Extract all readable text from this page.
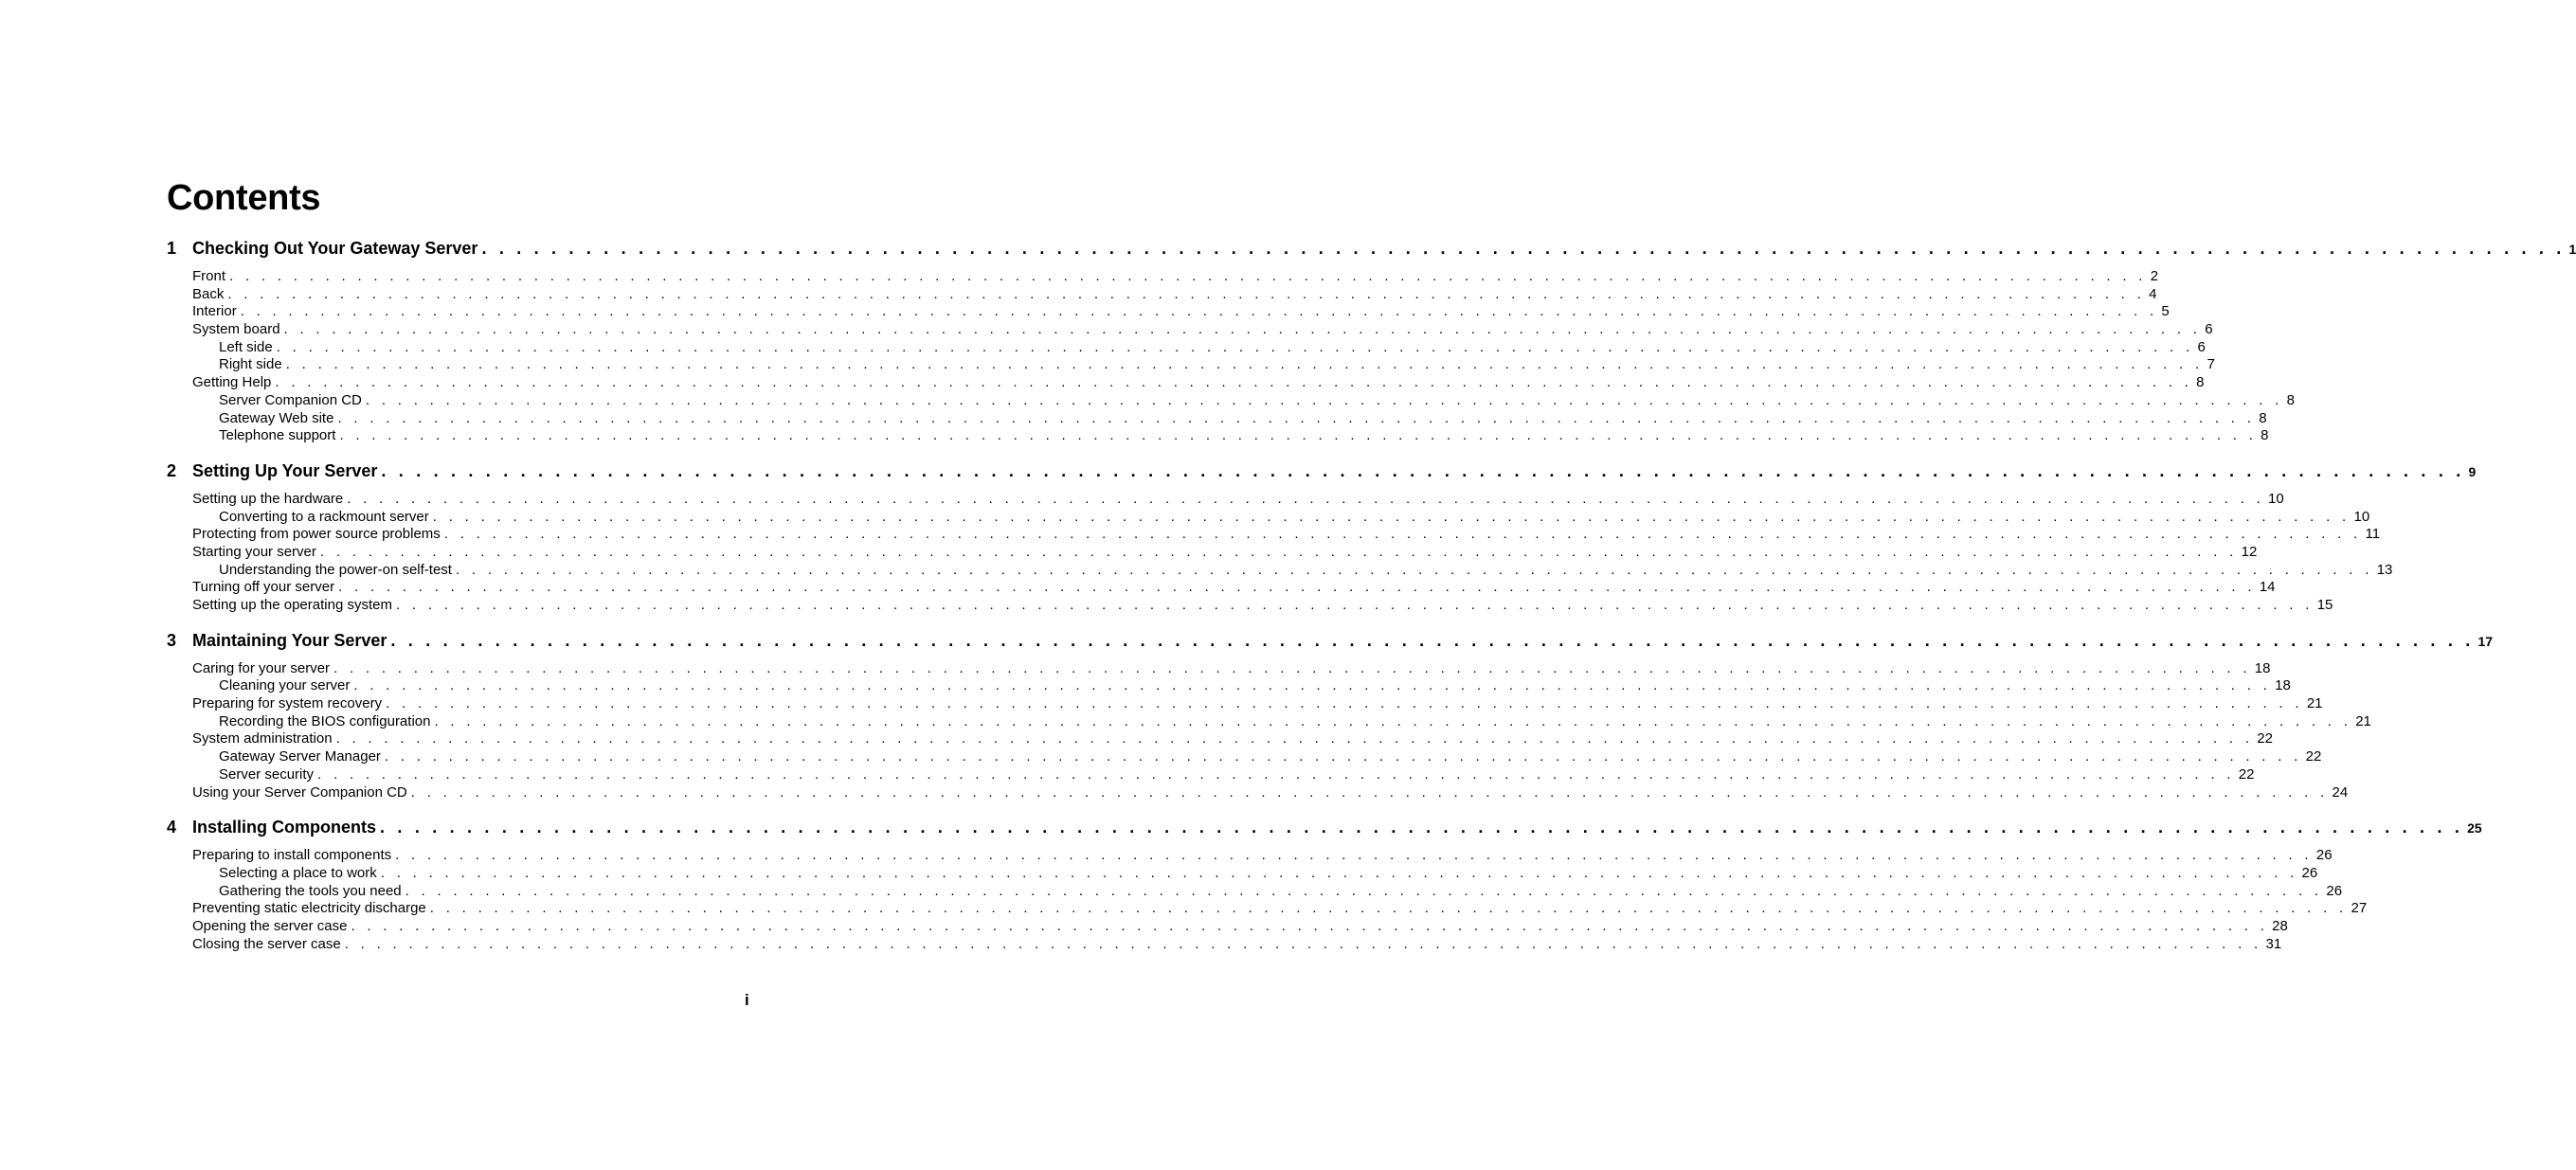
Contents
1 Checking Out Your Gateway Server . . . . . . . . . . . . . . . . . . . . . . . . . . . . . . . . . . . . . . . . . . . . . . . . . . . . . . . . . . . . . . . . . . . . . . . . . . . . . . . . . . . . . . . . . . . . . . . . . . . . . . . . . . . . . . . . . . . . . . . . 1
Front . . . . . . . . . . . . . . . . . . . . . . . . . . . . . . . . . . . . . . . . . . . . . . . . . . . . . . . . . . . . . . . . . . . . . . . . . . . . . . . . . . . . . . . . . . . . . . . . . . . . . . . . . . . . . . . . . . . . . . . . 2
Back . . . . . . . . . . . . . . . . . . . . . . . . . . . . . . . . . . . . . . . . . . . . . . . . . . . . . . . . . . . . . . . . . . . . . . . . . . . . . . . . . . . . . . . . . . . . . . . . . . . . . . . . . . . . . . . . . . . . . . . . 4
Interior . . . . . . . . . . . . . . . . . . . . . . . . . . . . . . . . . . . . . . . . . . . . . . . . . . . . . . . . . . . . . . . . . . . . . . . . . . . . . . . . . . . . . . . . . . . . . . . . . . . . . . . . . . . . . . . . . . . . . . . . 5
System board . . . . . . . . . . . . . . . . . . . . . . . . . . . . . . . . . . . . . . . . . . . . . . . . . . . . . . . . . . . . . . . . . . . . . . . . . . . . . . . . . . . . . . . . . . . . . . . . . . . . . . . . . . . . . . . . . . . . . . . . 6
Left side . . . . . . . . . . . . . . . . . . . . . . . . . . . . . . . . . . . . . . . . . . . . . . . . . . . . . . . . . . . . . . . . . . . . . . . . . . . . . . . . . . . . . . . . . . . . . . . . . . . . . . . . . . . . . . . . . . . . . . . . 6
Right side . . . . . . . . . . . . . . . . . . . . . . . . . . . . . . . . . . . . . . . . . . . . . . . . . . . . . . . . . . . . . . . . . . . . . . . . . . . . . . . . . . . . . . . . . . . . . . . . . . . . . . . . . . . . . . . . . . . . . . . . 7
Getting Help . . . . . . . . . . . . . . . . . . . . . . . . . . . . . . . . . . . . . . . . . . . . . . . . . . . . . . . . . . . . . . . . . . . . . . . . . . . . . . . . . . . . . . . . . . . . . . . . . . . . . . . . . . . . . . . . . . . . . . . . 8
Server Companion CD . . . . . . . . . . . . . . . . . . . . . . . . . . . . . . . . . . . . . . . . . . . . . . . . . . . . . . . . . . . . . . . . . . . . . . . . . . . . . . . . . . . . . . . . . . . . . . . . . . . . . . . . . . . . . . . . . . . . . . . . 8
Gateway Web site . . . . . . . . . . . . . . . . . . . . . . . . . . . . . . . . . . . . . . . . . . . . . . . . . . . . . . . . . . . . . . . . . . . . . . . . . . . . . . . . . . . . . . . . . . . . . . . . . . . . . . . . . . . . . . . . . . . . . . . . 8
Telephone support . . . . . . . . . . . . . . . . . . . . . . . . . . . . . . . . . . . . . . . . . . . . . . . . . . . . . . . . . . . . . . . . . . . . . . . . . . . . . . . . . . . . . . . . . . . . . . . . . . . . . . . . . . . . . . . . . . . . . . . . 8
2 Setting Up Your Server . . . . . . . . . . . . . . . . . . . . . . . . . . . . . . . . . . . . . . . . . . . . . . . . . . . . . . . . . . . . . . . . . . . . . . . . . . . . . . . . . . . . . . . . . . . . . . . . . . . . . . . . . . . . . . . . . . . . . . . . 9
Setting up the hardware . . . . . . . . . . . . . . . . . . . . . . . . . . . . . . . . . . . . . . . . . . . . . . . . . . . . . . . . . . . . . . . . . . . . . . . . . . . . . . . . . . . . . . . . . . . . . . . . . . . . . . . . . . . . . . . . . . . . . . . . 10
Converting to a rackmount server . . . . . . . . . . . . . . . . . . . . . . . . . . . . . . . . . . . . . . . . . . . . . . . . . . . . . . . . . . . . . . . . . . . . . . . . . . . . . . . . . . . . . . . . . . . . . . . . . . . . . . . . . . . . . . . . . . . . . . . . 10
Protecting from power source problems . . . . . . . . . . . . . . . . . . . . . . . . . . . . . . . . . . . . . . . . . . . . . . . . . . . . . . . . . . . . . . . . . . . . . . . . . . . . . . . . . . . . . . . . . . . . . . . . . . . . . . . . . . . . . . . . . . . . . . . . 11
Starting your server . . . . . . . . . . . . . . . . . . . . . . . . . . . . . . . . . . . . . . . . . . . . . . . . . . . . . . . . . . . . . . . . . . . . . . . . . . . . . . . . . . . . . . . . . . . . . . . . . . . . . . . . . . . . . . . . . . . . . . . . 12
Understanding the power-on self-test . . . . . . . . . . . . . . . . . . . . . . . . . . . . . . . . . . . . . . . . . . . . . . . . . . . . . . . . . . . . . . . . . . . . . . . . . . . . . . . . . . . . . . . . . . . . . . . . . . . . . . . . . . . . . . . . . . . . . . . . 13
Turning off your server . . . . . . . . . . . . . . . . . . . . . . . . . . . . . . . . . . . . . . . . . . . . . . . . . . . . . . . . . . . . . . . . . . . . . . . . . . . . . . . . . . . . . . . . . . . . . . . . . . . . . . . . . . . . . . . . . . . . . . . . 14
Setting up the operating system . . . . . . . . . . . . . . . . . . . . . . . . . . . . . . . . . . . . . . . . . . . . . . . . . . . . . . . . . . . . . . . . . . . . . . . . . . . . . . . . . . . . . . . . . . . . . . . . . . . . . . . . . . . . . . . . . . . . . . . . 15
3 Maintaining Your Server . . . . . . . . . . . . . . . . . . . . . . . . . . . . . . . . . . . . . . . . . . . . . . . . . . . . . . . . . . . . . . . . . . . . . . . . . . . . . . . . . . . . . . . . . . . . . . . . . . . . . . . . . . . . . . . . . . . . . . . . 17
Caring for your server . . . . . . . . . . . . . . . . . . . . . . . . . . . . . . . . . . . . . . . . . . . . . . . . . . . . . . . . . . . . . . . . . . . . . . . . . . . . . . . . . . . . . . . . . . . . . . . . . . . . . . . . . . . . . . . . . . . . . . . . 18
Cleaning your server . . . . . . . . . . . . . . . . . . . . . . . . . . . . . . . . . . . . . . . . . . . . . . . . . . . . . . . . . . . . . . . . . . . . . . . . . . . . . . . . . . . . . . . . . . . . . . . . . . . . . . . . . . . . . . . . . . . . . . . . 18
Preparing for system recovery . . . . . . . . . . . . . . . . . . . . . . . . . . . . . . . . . . . . . . . . . . . . . . . . . . . . . . . . . . . . . . . . . . . . . . . . . . . . . . . . . . . . . . . . . . . . . . . . . . . . . . . . . . . . . . . . . . . . . . . . 21
Recording the BIOS configuration . . . . . . . . . . . . . . . . . . . . . . . . . . . . . . . . . . . . . . . . . . . . . . . . . . . . . . . . . . . . . . . . . . . . . . . . . . . . . . . . . . . . . . . . . . . . . . . . . . . . . . . . . . . . . . . . . . . . . . . . 21
System administration . . . . . . . . . . . . . . . . . . . . . . . . . . . . . . . . . . . . . . . . . . . . . . . . . . . . . . . . . . . . . . . . . . . . . . . . . . . . . . . . . . . . . . . . . . . . . . . . . . . . . . . . . . . . . . . . . . . . . . . . 22
Gateway Server Manager . . . . . . . . . . . . . . . . . . . . . . . . . . . . . . . . . . . . . . . . . . . . . . . . . . . . . . . . . . . . . . . . . . . . . . . . . . . . . . . . . . . . . . . . . . . . . . . . . . . . . . . . . . . . . . . . . . . . . . . . 22
Server security . . . . . . . . . . . . . . . . . . . . . . . . . . . . . . . . . . . . . . . . . . . . . . . . . . . . . . . . . . . . . . . . . . . . . . . . . . . . . . . . . . . . . . . . . . . . . . . . . . . . . . . . . . . . . . . . . . . . . . . . 22
Using your Server Companion CD . . . . . . . . . . . . . . . . . . . . . . . . . . . . . . . . . . . . . . . . . . . . . . . . . . . . . . . . . . . . . . . . . . . . . . . . . . . . . . . . . . . . . . . . . . . . . . . . . . . . . . . . . . . . . . . . . . . . . . . . 24
4 Installing Components . . . . . . . . . . . . . . . . . . . . . . . . . . . . . . . . . . . . . . . . . . . . . . . . . . . . . . . . . . . . . . . . . . . . . . . . . . . . . . . . . . . . . . . . . . . . . . . . . . . . . . . . . . . . . . . . . . . . . . . . 25
Preparing to install components . . . . . . . . . . . . . . . . . . . . . . . . . . . . . . . . . . . . . . . . . . . . . . . . . . . . . . . . . . . . . . . . . . . . . . . . . . . . . . . . . . . . . . . . . . . . . . . . . . . . . . . . . . . . . . . . . . . . . . . . 26
Selecting a place to work . . . . . . . . . . . . . . . . . . . . . . . . . . . . . . . . . . . . . . . . . . . . . . . . . . . . . . . . . . . . . . . . . . . . . . . . . . . . . . . . . . . . . . . . . . . . . . . . . . . . . . . . . . . . . . . . . . . . . . . . 26
Gathering the tools you need . . . . . . . . . . . . . . . . . . . . . . . . . . . . . . . . . . . . . . . . . . . . . . . . . . . . . . . . . . . . . . . . . . . . . . . . . . . . . . . . . . . . . . . . . . . . . . . . . . . . . . . . . . . . . . . . . . . . . . . . 26
Preventing static electricity discharge . . . . . . . . . . . . . . . . . . . . . . . . . . . . . . . . . . . . . . . . . . . . . . . . . . . . . . . . . . . . . . . . . . . . . . . . . . . . . . . . . . . . . . . . . . . . . . . . . . . . . . . . . . . . . . . . . . . . . . . . 27
Opening the server case . . . . . . . . . . . . . . . . . . . . . . . . . . . . . . . . . . . . . . . . . . . . . . . . . . . . . . . . . . . . . . . . . . . . . . . . . . . . . . . . . . . . . . . . . . . . . . . . . . . . . . . . . . . . . . . . . . . . . . . . 28
Closing the server case . . . . . . . . . . . . . . . . . . . . . . . . . . . . . . . . . . . . . . . . . . . . . . . . . . . . . . . . . . . . . . . . . . . . . . . . . . . . . . . . . . . . . . . . . . . . . . . . . . . . . . . . . . . . . . . . . . . . . . . . 31
i
